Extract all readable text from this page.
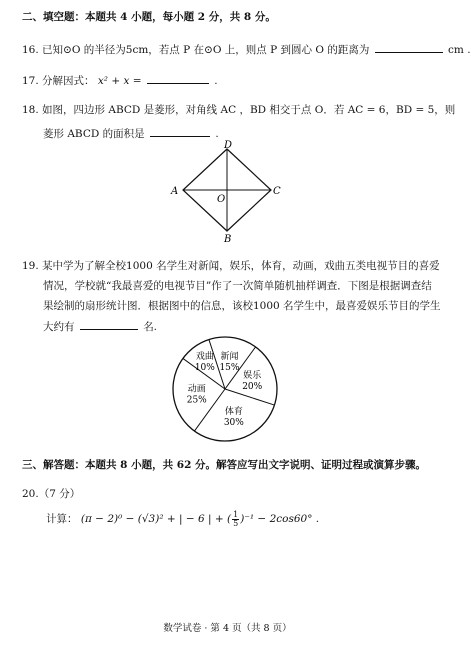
二、填空题：本题共 4 小题，每小题 2 分，共 8 分。
16. 已知⊙O 的半径为5cm，若点 P 在⊙O 上，则点 P 到圆心 O 的距离为	cm .
17. 分解因式： x² + x =	.
18. 如图，四边形 ABCD 是菱形，对角线 AC ，BD 相交于点 O．若 AC = 6，BD = 5，则
菱形 ABCD 的面积是	.
D
A	C
B
O
19. 某中学为了解全校1000 名学生对新闻，娱乐，体育，动画，戏曲五类电视节目的喜爱
情况，学校就“我最喜爱的电视节目”作了一次简单随机抽样调查．下图是根据调查结
果绘制的扇形统计图．根据图中的信息，该校1000 名学生中，最喜爱娱乐节目的学生
大约有	名.
新闻
15%
娱乐
20%
体育
30%
动画
25%
戏曲
10%
三、解答题：本题共 8 小题，共 62 分。解答应写出文字说明、证明过程或演算步骤。
20.（7 分）
计算： (π − 2)⁰ − (√3)² + | − 6 | + ( $\frac{1}{5} )^{-1} - 2\cos 60^\circ$ .
数学试卷 · 第 4 页（共 8 页）
